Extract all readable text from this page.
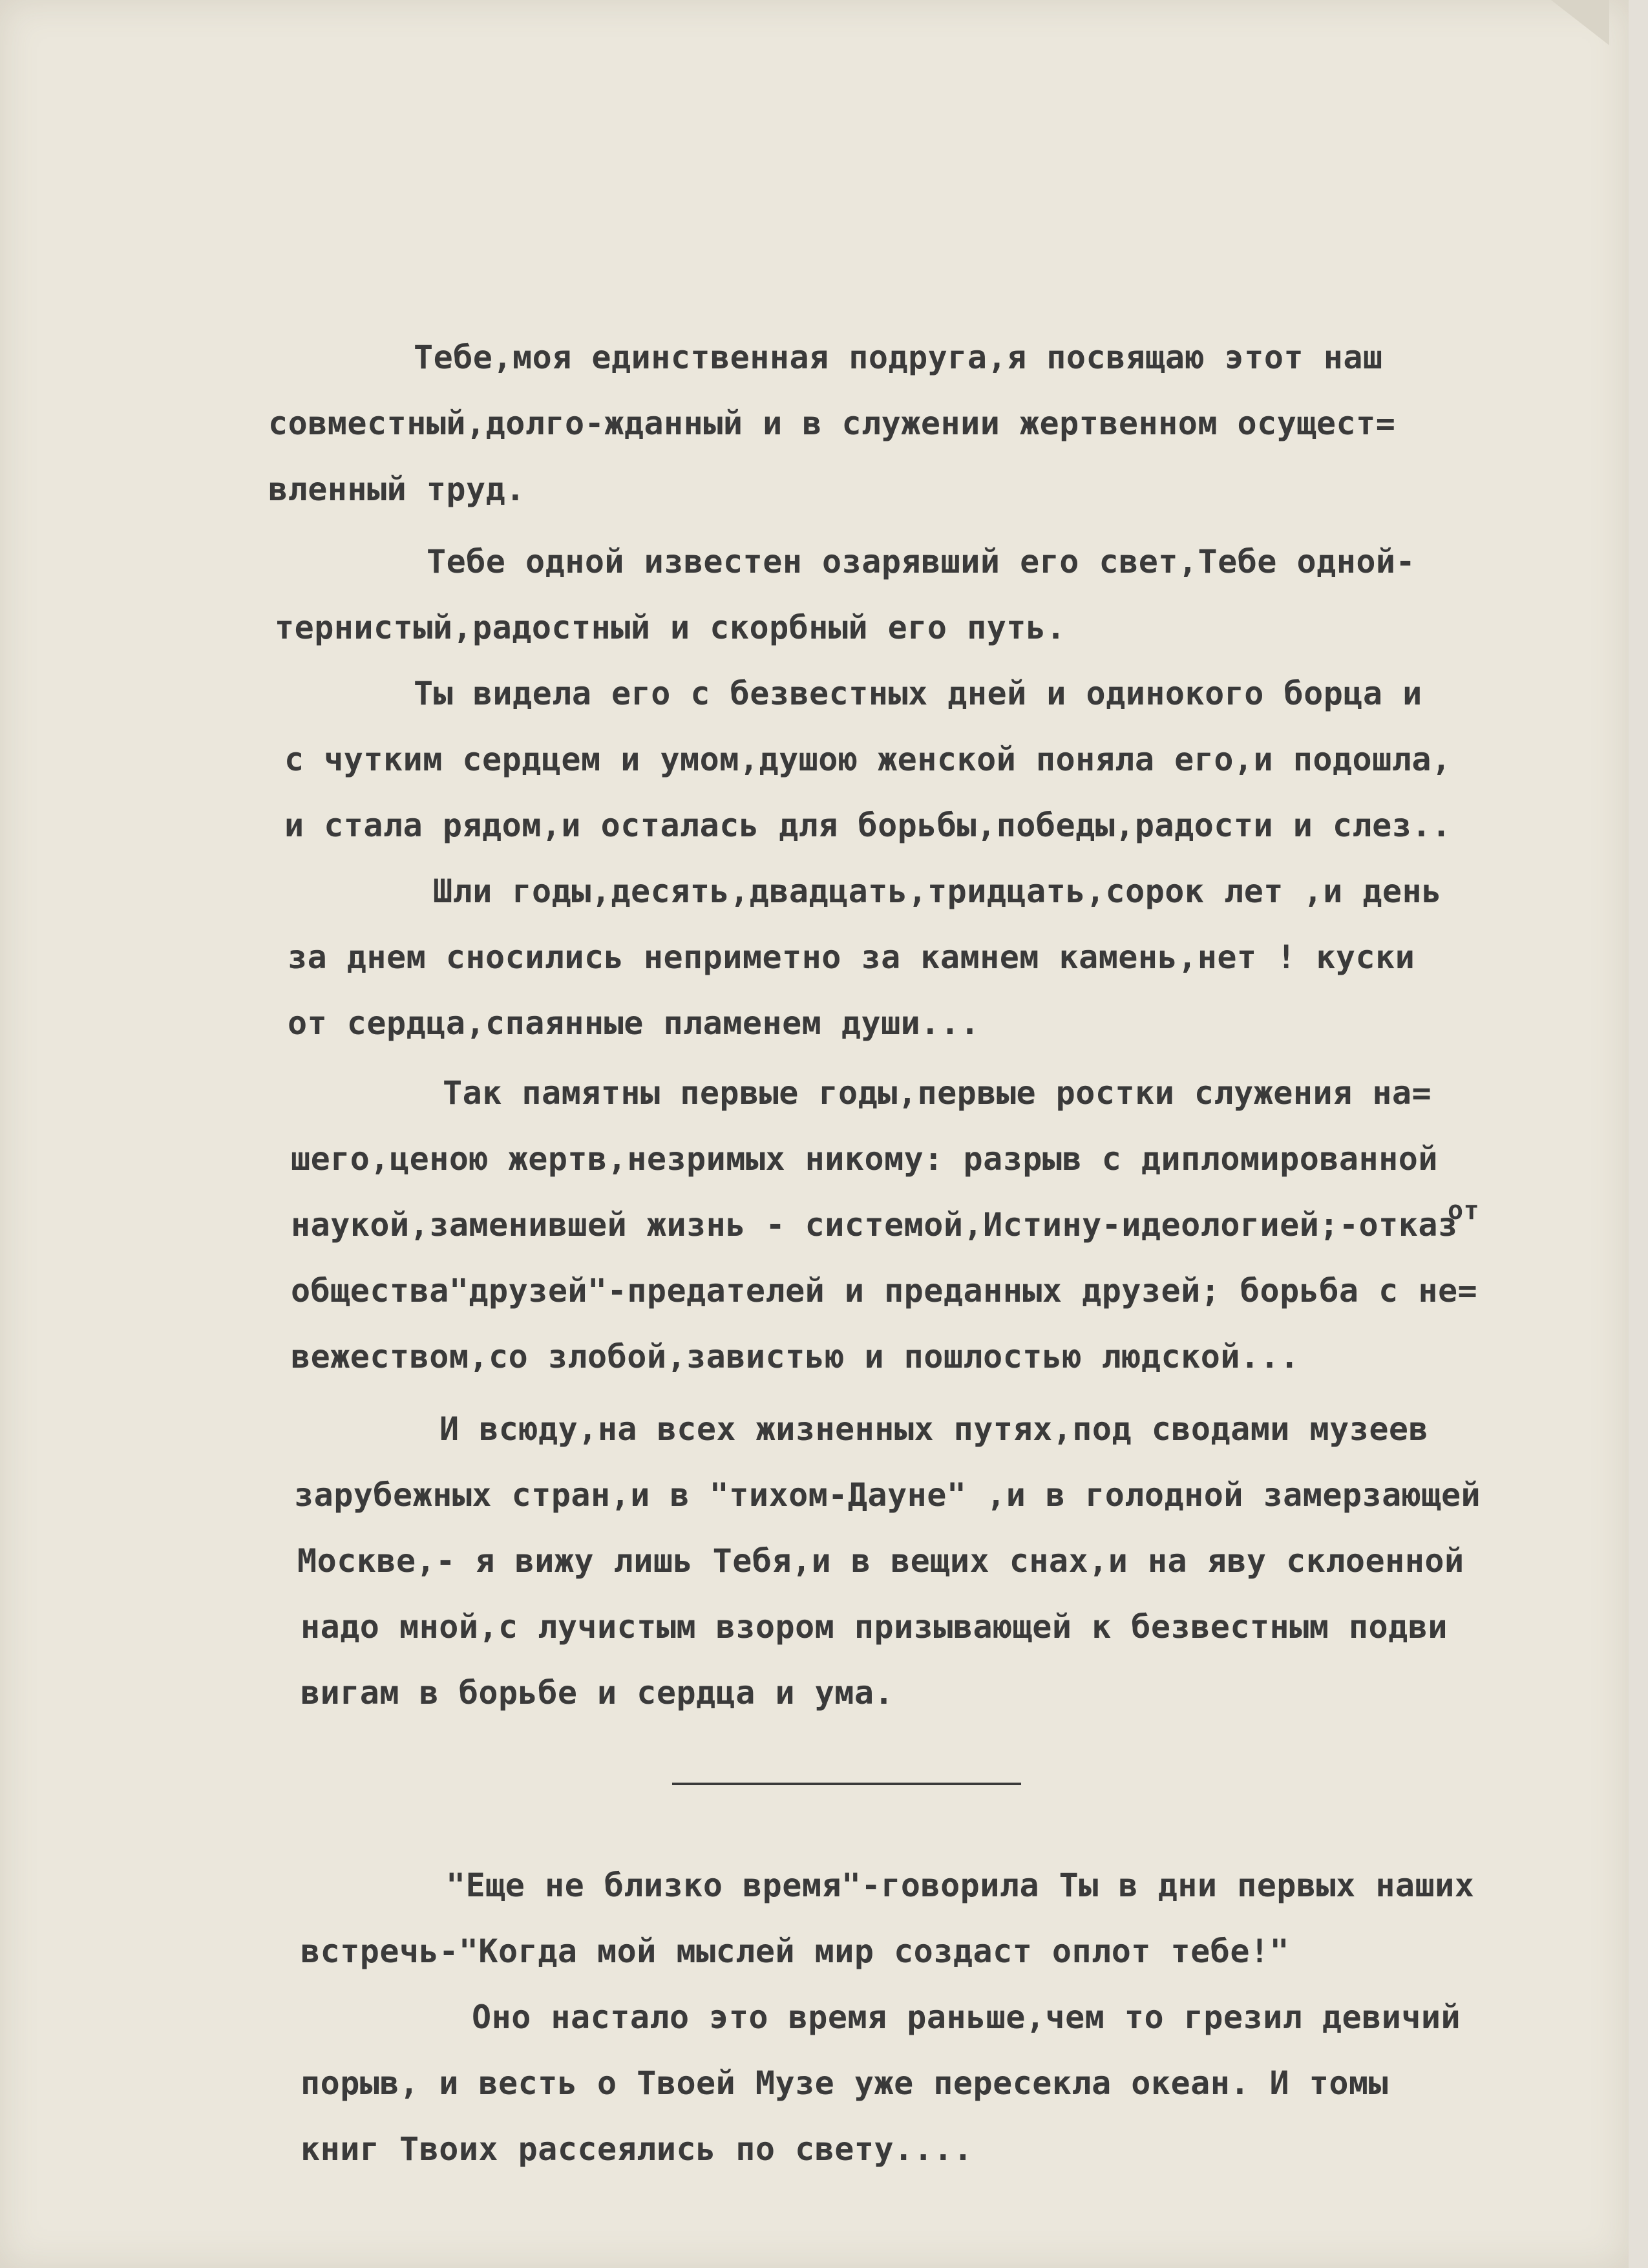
Тебе,моя единственная подруга,я посвящаю этот наш
совместный,долго-жданный и в служении жертвенном осущест=
вленный труд.
Тебе одной известен озарявший его свет,Тебе одной-
тернистый,радостный и скорбный его путь.
Ты видела его с безвестных дней и одинокого борца и
с чутким сердцем и умом,душою женской поняла его,и подошла,
и стала рядом,и осталась для борьбы,победы,радости и слез..
Шли годы,десять,двадцать,тридцать,сорок лет ,и день
за днем сносились неприметно за камнем камень,нет ! куски
от сердца,спаянные пламенем души...
Так памятны первые годы,первые ростки служения на=
шего,ценою жертв,незримых никому: разрыв с дипломированной
наукой,заменившей жизнь - системой,Истину-идеологией;-отказ
от
общества"друзей"-предателей и преданных друзей; борьба с не=
вежеством,со злобой,завистью и пошлостью людской...
И всюду,на всех жизненных путях,под сводами музеев
зарубежных стран,и в "тихом-Дауне" ,и в голодной замерзающей
Москве,- я вижу лишь Тебя,и в вещих снах,и на яву склоенной
надо мной,с лучистым взором призывающей к безвестным подви
вигам в борьбе и сердца и ума.
"Еще не близко время"-говорила Ты в дни первых наших
встречь-"Когда мой мыслей мир создаст оплот тебе!"
Оно настало это время раньше,чем то грезил девичий
порыв, и весть о Твоей Музе уже пересекла океан. И томы
книг Твоих рассеялись по свету....
